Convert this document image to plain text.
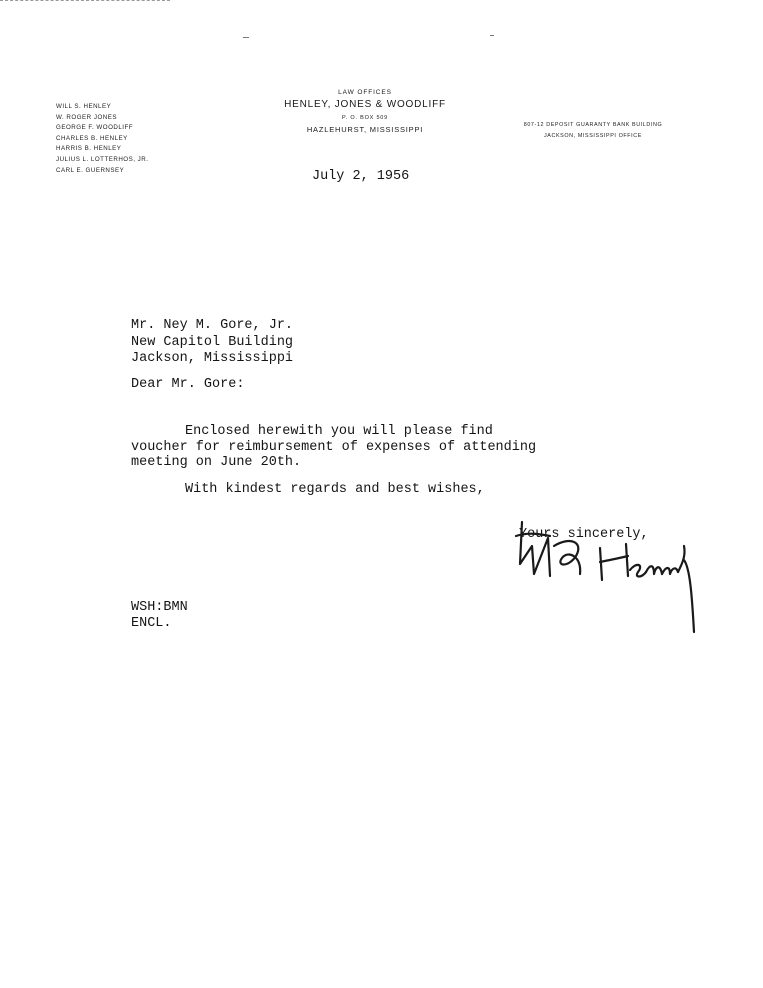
WILL S. HENLEY
W. ROGER JONES
GEORGE F. WOODLIFF
CHARLES B. HENLEY
HARRIS B. HENLEY
JULIUS L. LOTTERHOS, JR.
CARL E. GUERNSEY
LAW OFFICES
HENLEY, JONES & WOODLIFF
P. O. BOX 509
HAZLEHURST, MISSISSIPPI	807-12 DEPOSIT GUARANTY BANK BUILDING
JACKSON, MISSISSIPPI OFFICE
July 2, 1956
Mr. Ney M. Gore, Jr.
New Capitol Building
Jackson, Mississippi
Dear Mr. Gore:
Enclosed herewith you will please find
voucher for reimbursement of expenses of attending
meeting on June 20th.
With kindest regards and best wishes,
Yours sincerely,
WSH:BMN
ENCL.
